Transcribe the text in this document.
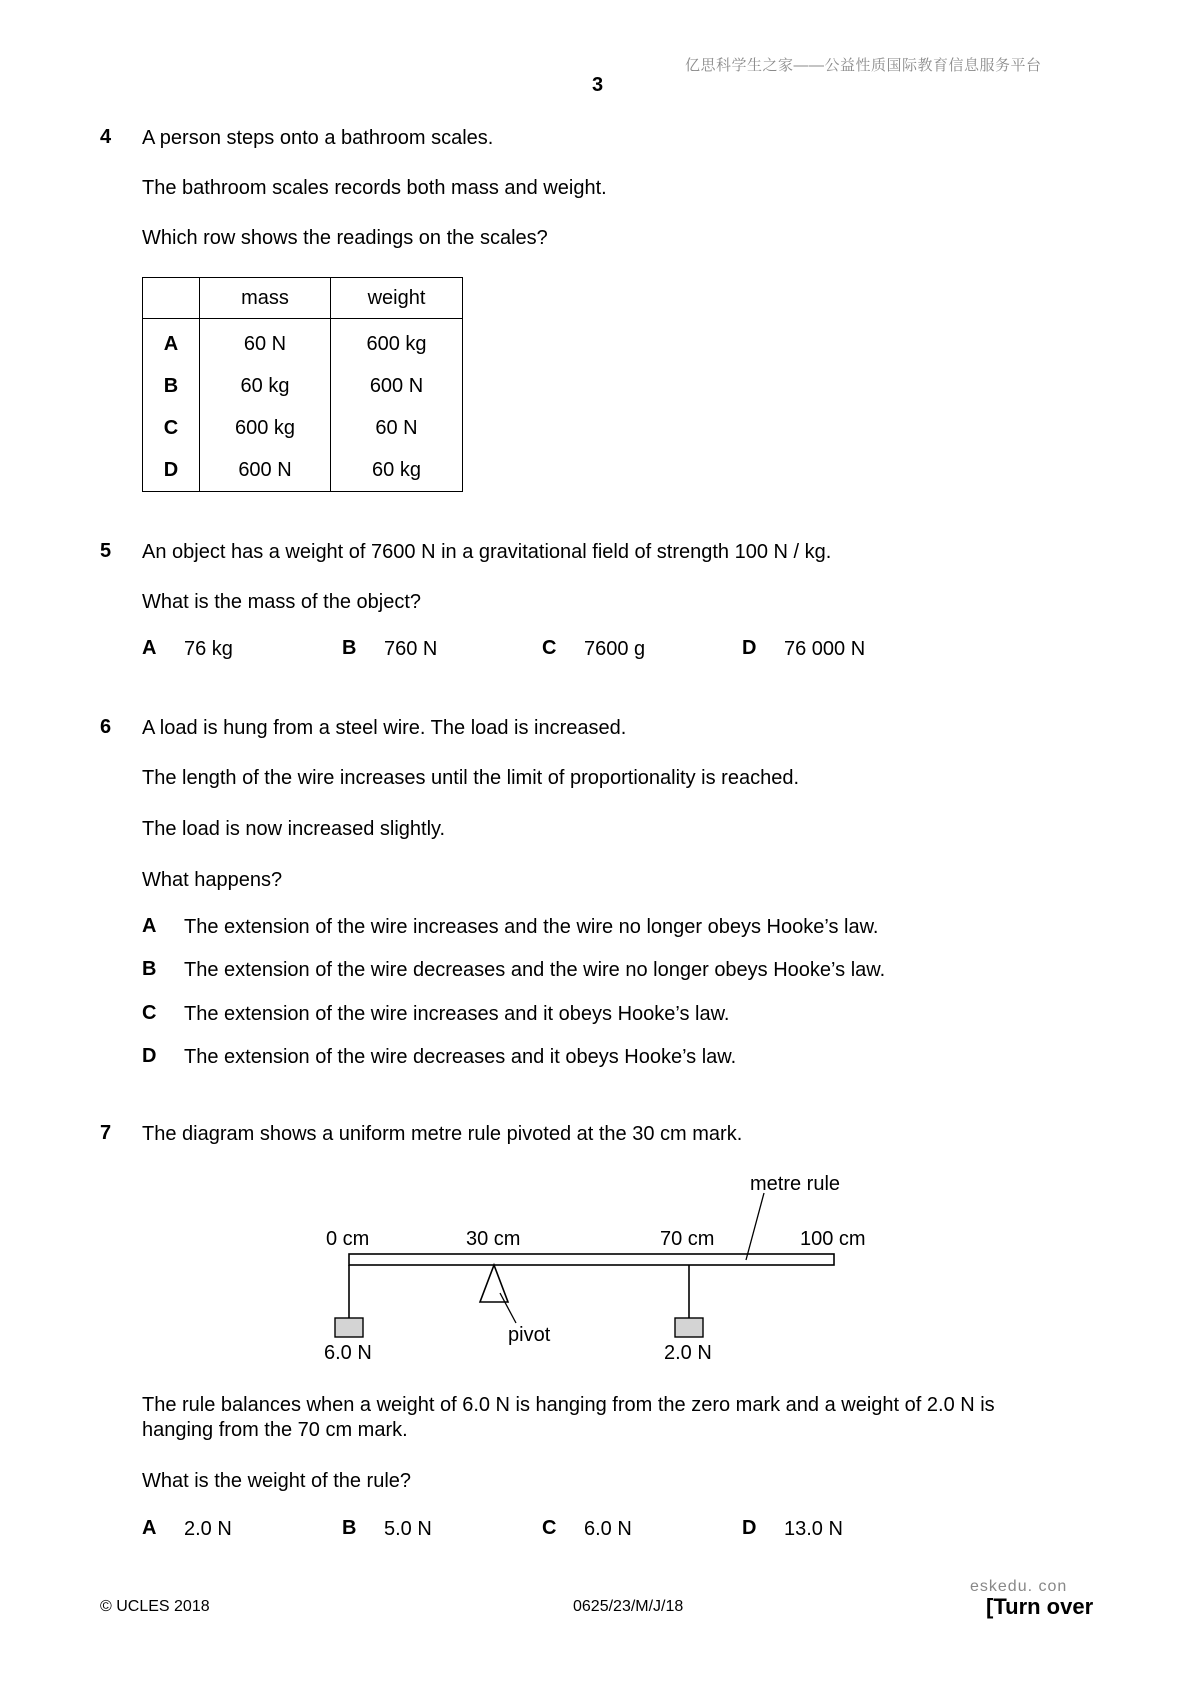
亿思科学生之家——公益性质国际教育信息服务平台
3
4 A person steps onto a bathroom scales.
The bathroom scales records both mass and weight.
Which row shows the readings on the scales?
	mass	weight
A	60 N	600 kg
B	60 kg	600 N
C	600 kg	60 N
D	600 N	60 kg
5 An object has a weight of 7600 N in a gravitational field of strength 100 N / kg.
What is the mass of the object?
A 76 kg	B 760 N	C 7600 g	D 76 000 N
6 A load is hung from a steel wire. The load is increased.
The length of the wire increases until the limit of proportionality is reached.
The load is now increased slightly.
What happens?
A The extension of the wire increases and the wire no longer obeys Hooke’s law.
B The extension of the wire decreases and the wire no longer obeys Hooke’s law.
C The extension of the wire increases and it obeys Hooke’s law.
D The extension of the wire decreases and it obeys Hooke’s law.
7 The diagram shows a uniform metre rule pivoted at the 30 cm mark.
metre rule
0 cm	30 cm	70 cm	100 cm
pivot
6.0 N	2.0 N
The rule balances when a weight of 6.0 N is hanging from the zero mark and a weight of 2.0 N is
hanging from the 70 cm mark.
What is the weight of the rule?
A 2.0 N	B 5.0 N	C 6.0 N	D 13.0 N
eskedu. con
© UCLES 2018	0625/23/M/J/18	[Turn over
